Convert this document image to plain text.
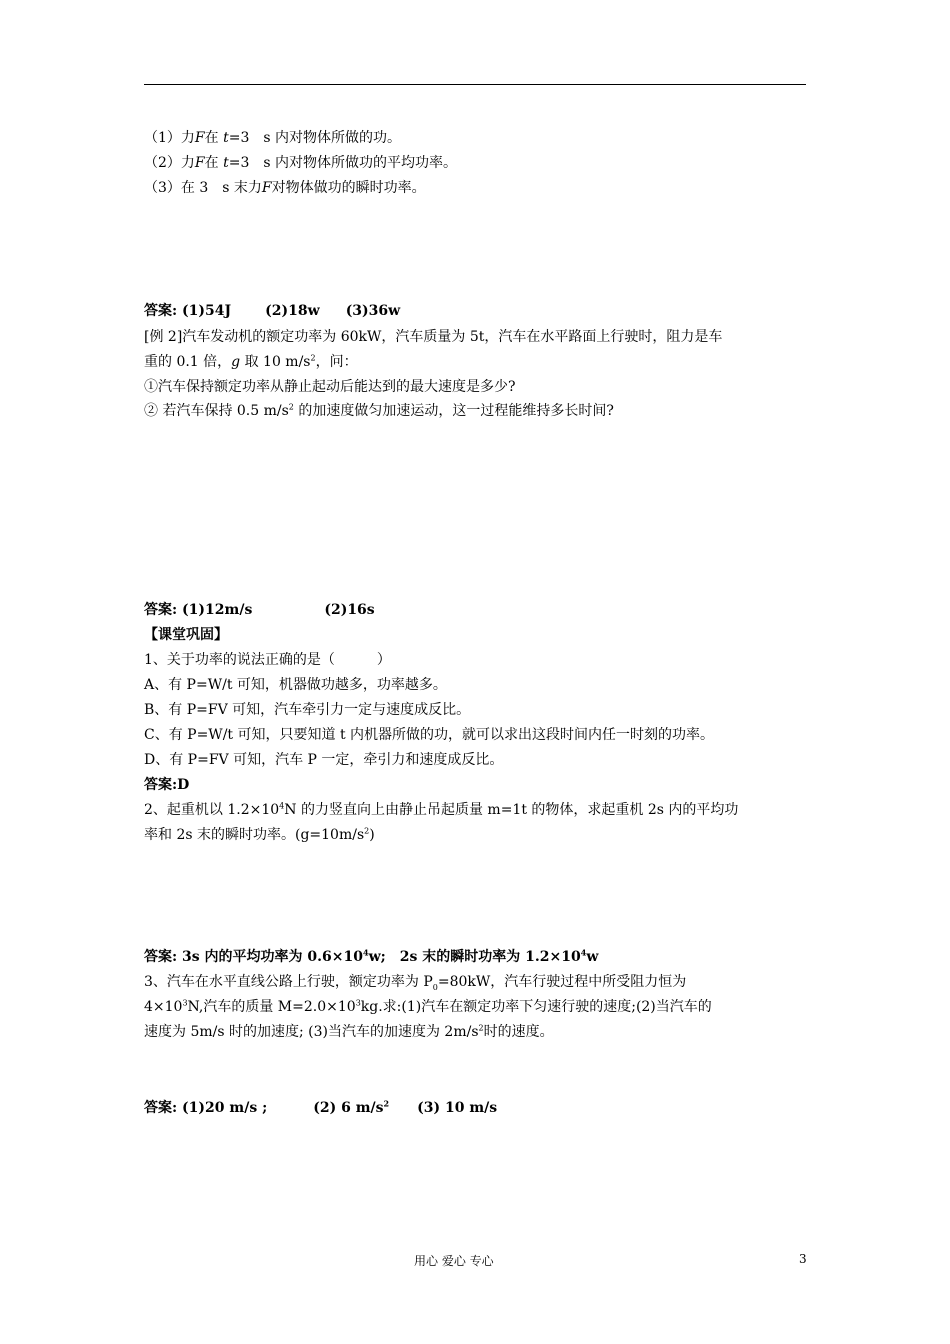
（1）力F在 t=3　s 内对物体所做的功。
（2）力F在 t=3　s 内对物体所做功的平均功率。
（3）在 3　s 末力F对物体做功的瞬时功率。
答案: (1)54J (2)18w (3)36w
[例 2]汽车发动机的额定功率为 60kW，汽车质量为 5t，汽车在水平路面上行驶时，阻力是车
重的 0.1 倍，g 取 10 $m/s^2$，问：
①汽车保持额定功率从静止起动后能达到的最大速度是多少?
② 若汽车保持 0.5 $m/s^2$ 的加速度做匀加速运动，这一过程能维持多长时间?
答案: (1)12m/s	(2)16s
【课堂巩固】
1、关于功率的说法正确的是（　　　）
A、有 P=W/t 可知，机器做功越多，功率越多。
B、有 P=FV 可知，汽车牵引力一定与速度成反比。
C、有 P=W/t 可知，只要知道 t 内机器所做的功，就可以求出这段时间内任一时刻的功率。
D、有 P=FV 可知，汽车 P 一定，牵引力和速度成反比。
答案:D
2、起重机以 $1.2\times 10^4N$ 的力竖直向上由静止吊起质量 m=1t 的物体，求起重机 2s 内的平均功
率和 2s 末的瞬时功率。$(g=10m/s^2)$
答案: 3s 内的平均功率为 $0.6\times 10^4w$;　2s 末的瞬时功率为 $1.2\times 10^4w$
3、汽车在水平直线公路上行驶，额定功率为 $P_0=80kW$，汽车行驶过程中所受阻力恒为
$4\times 10^3N$,汽车的质量 $M=2.0\times 10^3kg$.求:(1)汽车在额定功率下匀速行驶的速度;(2)当汽车的
速度为 5m/s 时的加速度; (3)当汽车的加速度为 $2m/s^2$时的速度。
答案: (1)20 m/s ;	(2) 6 $m/s^2$ (3) 10 m/s
用心 爱心 专心	3
